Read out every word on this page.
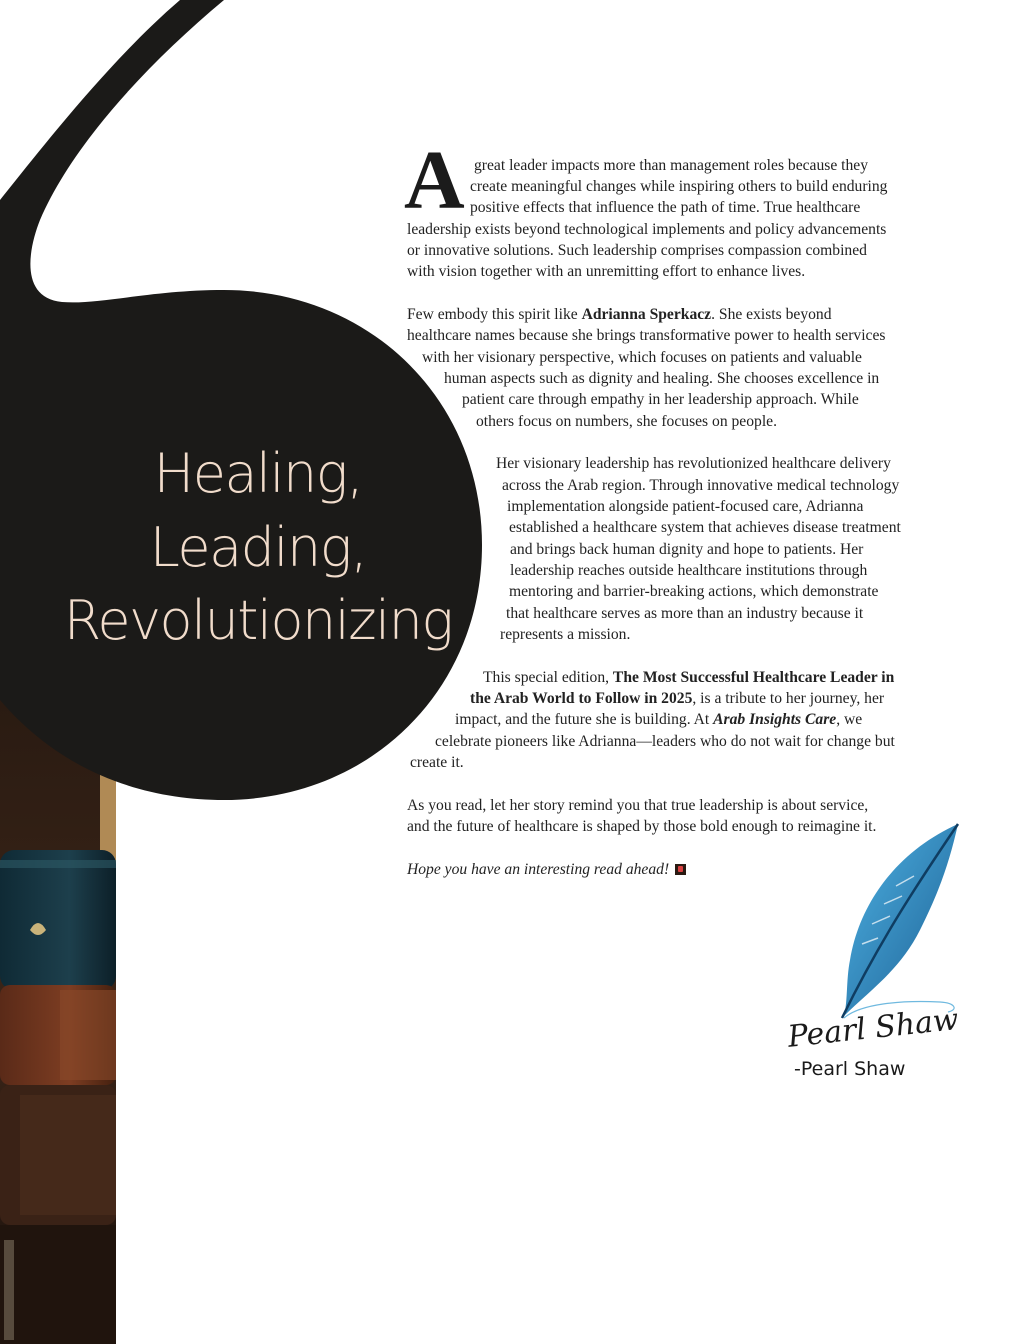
Healing,
Leading,
Revolutionizing
A great leader impacts more than management roles because they
create meaningful changes while inspiring others to build enduring
positive effects that influence the path of time. True healthcare
leadership exists beyond technological implements and policy advancements
or innovative solutions. Such leadership comprises compassion combined
with vision together with an unremitting effort to enhance lives.
Few embody this spirit like Adrianna Sperkacz. She exists beyond
healthcare names because she brings transformative power to health services
with her visionary perspective, which focuses on patients and valuable
human aspects such as dignity and healing. She chooses excellence in
patient care through empathy in her leadership approach. While
others focus on numbers, she focuses on people.
Her visionary leadership has revolutionized healthcare delivery
across the Arab region. Through innovative medical technology
implementation alongside patient-focused care, Adrianna
established a healthcare system that achieves disease treatment
and brings back human dignity and hope to patients. Her
leadership reaches outside healthcare institutions through
mentoring and barrier-breaking actions, which demonstrate
that healthcare serves as more than an industry because it
represents a mission.
This special edition, The Most Successful Healthcare Leader in
the Arab World to Follow in 2025, is a tribute to her journey, her
impact, and the future she is building. At Arab Insights Care, we
celebrate pioneers like Adrianna—leaders who do not wait for change but
create it.
As you read, let her story remind you that true leadership is about service,
and the future of healthcare is shaped by those bold enough to reimagine it.
Hope you have an interesting read ahead!
Pearl Shaw
-Pearl Shaw
